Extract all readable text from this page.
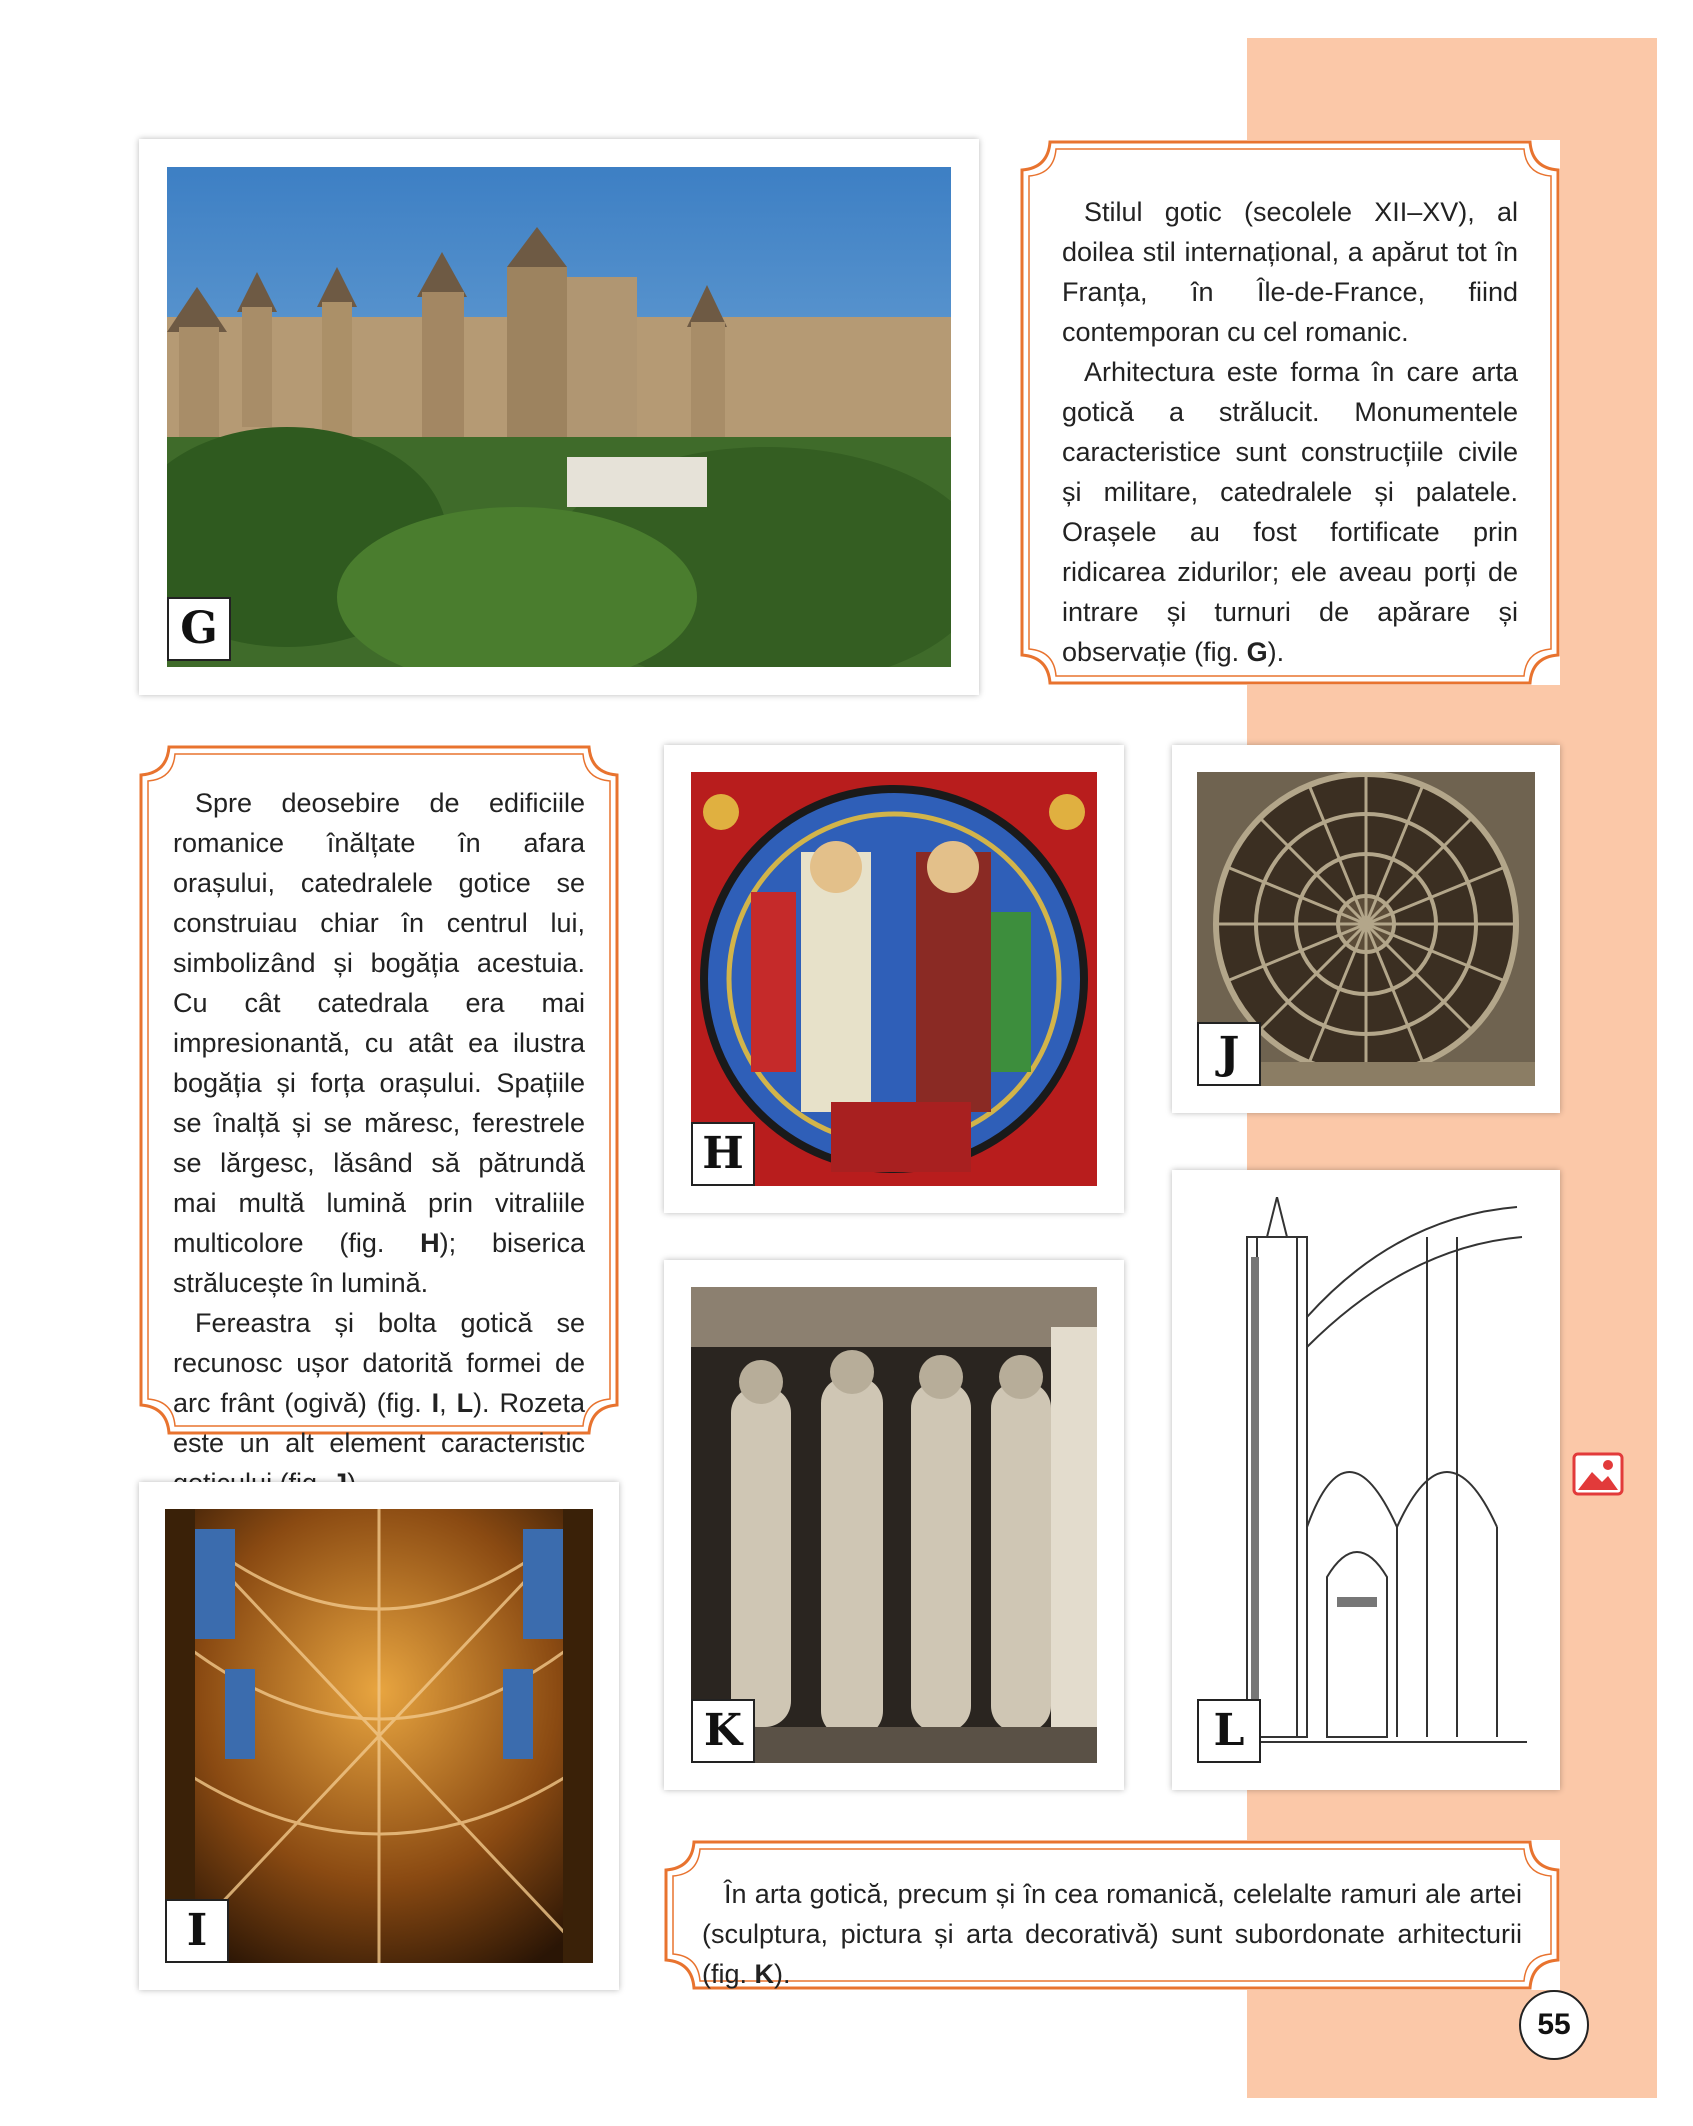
G

Stilul gotic (secolele XII–XV), al doilea stil internațional, a apărut tot în Franța, în Île-de-France, fiind contemporan cu cel romanic.

Arhitectura este forma în care arta gotică a strălucit. Monumentele caracteristice sunt construcțiile civile și militare, catedralele și palatele. Orașele au fost fortificate prin ridicarea zidurilor; ele aveau porți de intrare și turnuri de apărare și observație (fig. G).

Spre deosebire de edificiile romanice înălțate în afara orașului, catedralele gotice se construiau chiar în centrul lui, simbolizând și bogăția acestuia. Cu cât catedrala era mai impresionantă, cu atât ea ilustra bogăția și forța orașului. Spațiile se înalță și se măresc, ferestrele se lărgesc, lăsând să pătrundă mai multă lumină prin vitraliile multicolore (fig. H); biserica strălucește în lumină.

Fereastra și bolta gotică se recunosc ușor datorită formei de arc frânt (ogivă) (fig. I, L). Rozeta este un alt element caracteristic

H
J
K	L
I

În arta gotică, precum și în cea romanică, celelalte ramuri ale artei (sculptura, pictura și arta decorativă) sunt subordonate arhitecturii (fig. K).

55
